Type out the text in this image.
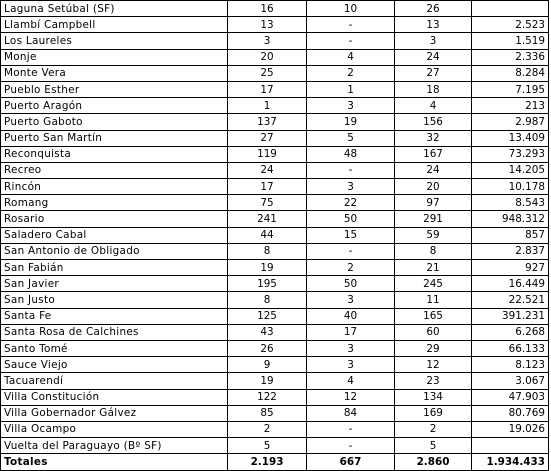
Laguna Setúbal (SF)	16	10	26	
Llambí Campbell	13	-	13	2.523
Los Laureles	3	-	3	1.519
Monje	20	4	24	2.336
Monte Vera	25	2	27	8.284
Pueblo Esther	17	1	18	7.195
Puerto Aragón	1	3	4	213
Puerto Gaboto	137	19	156	2.987
Puerto San Martín	27	5	32	13.409
Reconquista	119	48	167	73.293
Recreo	24	-	24	14.205
Rincón	17	3	20	10.178
Romang	75	22	97	8.543
Rosario	241	50	291	948.312
Saladero Cabal	44	15	59	857
San Antonio de Obligado	8	-	8	2.837
San Fabián	19	2	21	927
San Javier	195	50	245	16.449
San Justo	8	3	11	22.521
Santa Fe	125	40	165	391.231
Santa Rosa de Calchines	43	17	60	6.268
Santo Tomé	26	3	29	66.133
Sauce Viejo	9	3	12	8.123
Tacuarendí	19	4	23	3.067
Villa Constitución	122	12	134	47.903
Villa Gobernador Gálvez	85	84	169	80.769
Villa Ocampo	2	-	2	19.026
Vuelta del Paraguayo (Bº SF)	5	-	5	
Totales	2.193	667	2.860	1.934.433
